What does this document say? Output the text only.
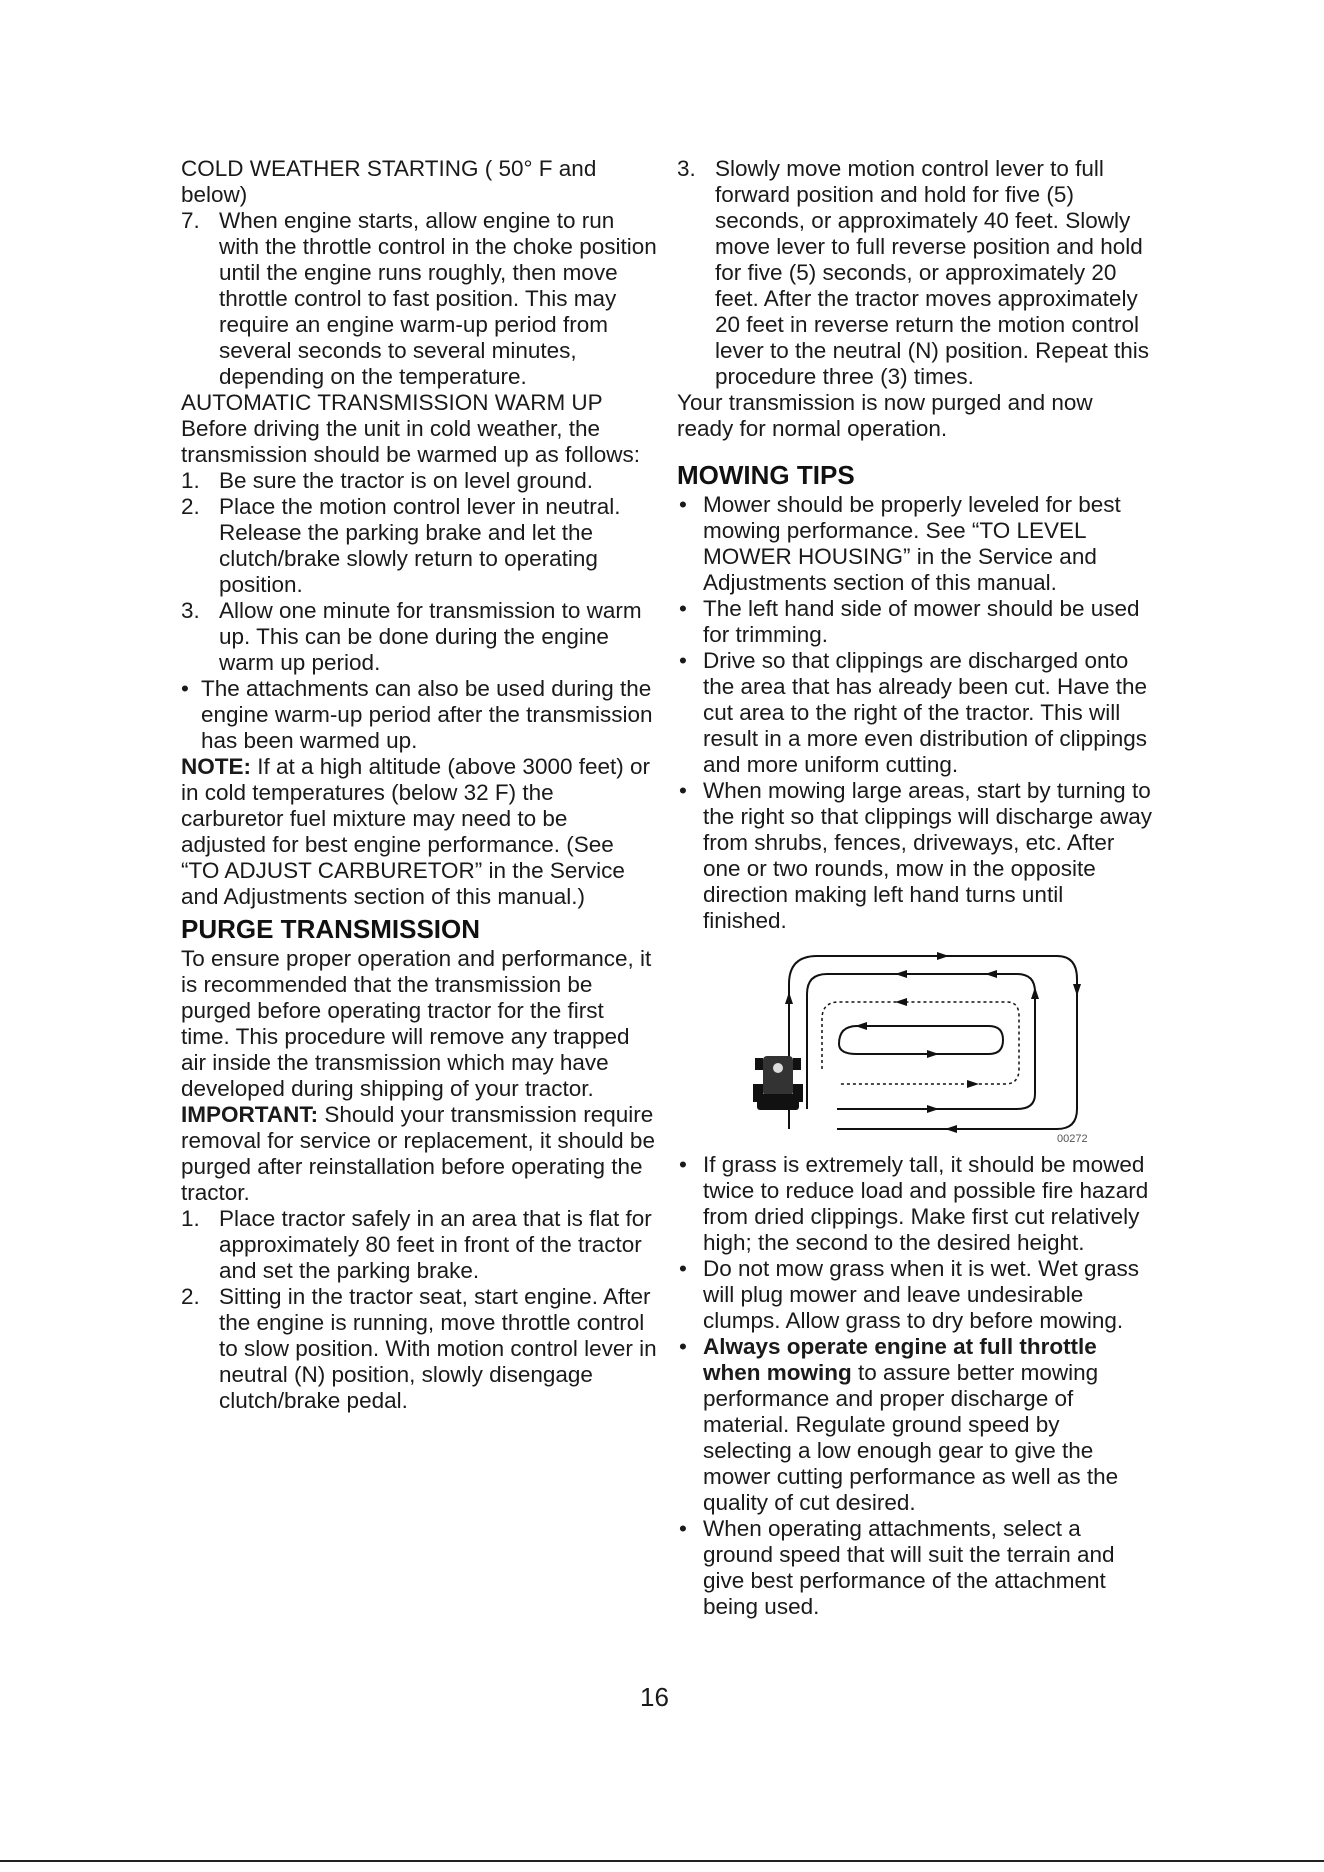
COLD WEATHER STARTING ( 50° F and below)

7. When engine starts, allow engine to run with the throttle control in the choke position until the engine runs roughly, then move throttle control to fast position. This may require an engine warm-up period from several seconds to several minutes, depending on the temperature.

AUTOMATIC TRANSMISSION WARM UP

Before driving the unit in cold weather, the transmission should be warmed up as follows:

1. Be sure the tractor is on level ground.
2. Place the motion control lever in neutral. Release the parking brake and let the clutch/brake slowly return to operating position.
3. Allow one minute for transmission to warm up. This can be done during the engine warm up period.
• The attachments can also be used during the engine warm-up period after the transmission has been warmed up.

NOTE: If at a high altitude (above 3000 feet) or in cold temperatures (below 32 F) the carburetor fuel mixture may need to be adjusted for best engine performance. (See “TO ADJUST CARBURETOR” in the Service and Adjustments section of this manual.)

PURGE TRANSMISSION

To ensure proper operation and performance, it is recommended that the transmission be purged before operating tractor for the first time. This procedure will remove any trapped air inside the transmission which may have developed during shipping of your tractor.

IMPORTANT: Should your transmission require removal for service or replacement, it should be purged after reinstallation before operating the tractor.

1. Place tractor safely in an area that is flat for approximately 80 feet in front of the tractor and set the parking brake.
2. Sitting in the tractor seat, start engine. After the engine is running, move throttle control to slow position. With motion control lever in neutral (N) position, slowly disengage clutch/brake pedal.
3. Slowly move motion control lever to full forward position and hold for five (5) seconds, or approximately 40 feet. Slowly move lever to full reverse position and hold for five (5) seconds, or approximately 20 feet. After the tractor moves approximately 20 feet in reverse return the motion control lever to the neutral (N) position. Repeat this procedure three (3) times.

Your transmission is now purged and now ready for normal operation.

MOWING TIPS
• Mower should be properly leveled for best mowing performance. See “TO LEVEL MOWER HOUSING” in the Service and Adjustments section of this manual.
• The left hand side of mower should be used for trimming.
• Drive so that clippings are discharged onto the area that has already been cut. Have the cut area to the right of the tractor. This will result in a more even distribution of clippings and more uniform cutting.
• When mowing large areas, start by turning to the right so that clippings will discharge away from shrubs, fences, driveways, etc. After one or two rounds, mow in the opposite direction making left hand turns until finished.
00272
• If grass is extremely tall, it should be mowed twice to reduce load and possible fire hazard from dried clippings. Make first cut relatively high; the second to the desired height.
• Do not mow grass when it is wet. Wet grass will plug mower and leave undesirable clumps. Allow grass to dry before mowing.
• Always operate engine at full throttle when mowing to assure better mowing performance and proper discharge of material. Regulate ground speed by selecting a low enough gear to give the mower cutting performance as well as the quality of cut desired.
• When operating attachments, select a ground speed that will suit the terrain and give best performance of the attachment being used.
16
